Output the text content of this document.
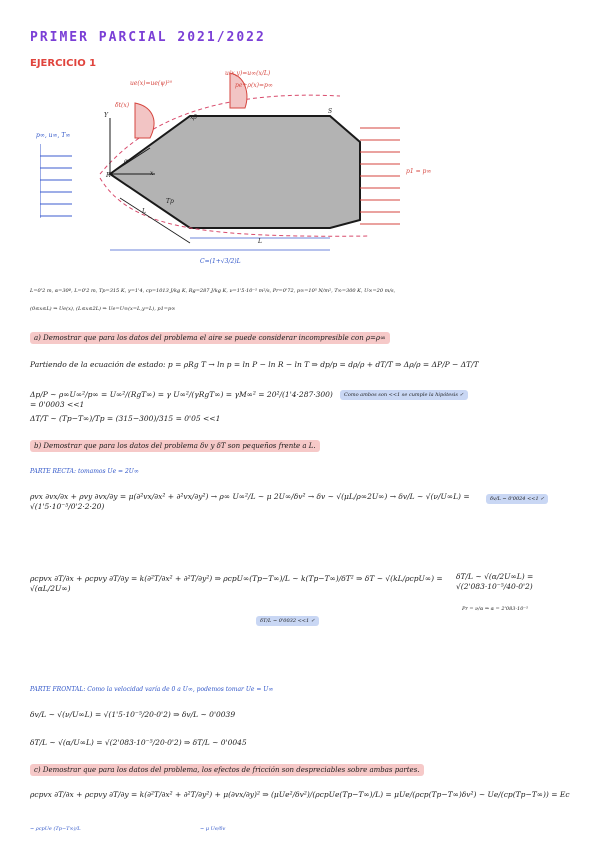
PRIMER PARCIAL 2021/2022
EJERCICIO 1
ue(x)=ue(ψ)²⁰
δt(x)
u(x,y)=u∞(x/L)
pe+ρ(x)=p∞
p∞, u∞, T∞
xβ
S
R	x
Y
α
Tp
L
L
C=(1+√3/2)L
p1 = p∞
L=0'2 m, α=30º, L=0'2 m, Tp=315 K, γ=1'4, cp=1013 J/kg K, Rg=287 J/kg K, ν=1'5·10⁻⁵ m²/s, Pr=0'72, p∞=10⁵ N/m², T∞=300 K, U∞=20 m/s,
(0≤x≤L) ⇒ Ue(x), (L≤x≤2L) ⇒ Ue=U∞(x=L,y=L), p1=p∞
a) Demostrar que para los datos del problema el aire se puede considerar incompresible con ρ=ρ∞
Partiendo de la ecuación de estado: p = ρRg T → ln p = ln P − ln R − ln T ⇒ dp/p = dρ/ρ + dT/T ⇒ Δρ/ρ = ΔP/P − ΔT/T
Δp/P ~ ρ∞U∞²/p∞ = U∞²/(RgT∞) = γ U∞²/(γRgT∞) = γM∞² = 20²/(1'4·287·300) = 0'0003 <<1
Como ambos son <<1 se cumple la hipótesis ✓
ΔT/T ~ (Tp−T∞)/Tp = (315−300)/315 = 0'05 <<1
b) Demostrar que para los datos del problema δv y δT son pequeños frente a L.
PARTE RECTA: tomamos Ue = 2U∞
ρvx ∂vx/∂x + ρvy ∂vx/∂y = μ(∂²vx/∂x² + ∂²vx/∂y²) → ρ∞ U∞²/L ~ μ 2U∞/δv² → δv ~ √(μL/ρ∞2U∞) → δv/L ~ √(ν/U∞L) = √(1'5·10⁻⁵/0'2·2·20)
δv/L ~ 0'0024 <<1 ✓
ρcpvx ∂T/∂x + ρcpvy ∂T/∂y = k(∂²T/∂x² + ∂²T/∂y²) ⇒ ρcpU∞(Tp−T∞)/L ~ k(Tp−T∞)/δT² ⇒ δT ~ √(kL/ρcpU∞) = √(αL/2U∞)
δT/L ~ √(α/2U∞L) = √(2'083·10⁻⁵/40·0'2)
Pr = ν/α ⇒ α = 2'083·10⁻⁵
δT/L ~ 0'0032 <<1 ✓
PARTE FRONTAL: Como la velocidad varía de 0 a U∞, podemos tomar Ue = U∞
δv/L ~ √(ν/U∞L) = √(1'5·10⁻⁵/20·0'2) ⇒ δv/L ~ 0'0039
δT/L ~ √(α/U∞L) = √(2'083·10⁻⁵/20·0'2) ⇒ δT/L ~ 0'0045
c) Demostrar que para los datos del problema, los efectos de fricción son despreciables sobre ambas partes.
ρcpvx ∂T/∂x + ρcpvy ∂T/∂y = k(∂²T/∂x² + ∂²T/∂y²) + μ(∂vx/∂y)² ⇒ (μUe²/δv²)/(ρcpUe(Tp−T∞)/L) = μUe/(ρcp(Tp−T∞)δv²) ~ Ue/(cp(Tp−T∞)) = Ec
~ ρcpUe (Tp−T∞)/L	~ μ Ue/δv
